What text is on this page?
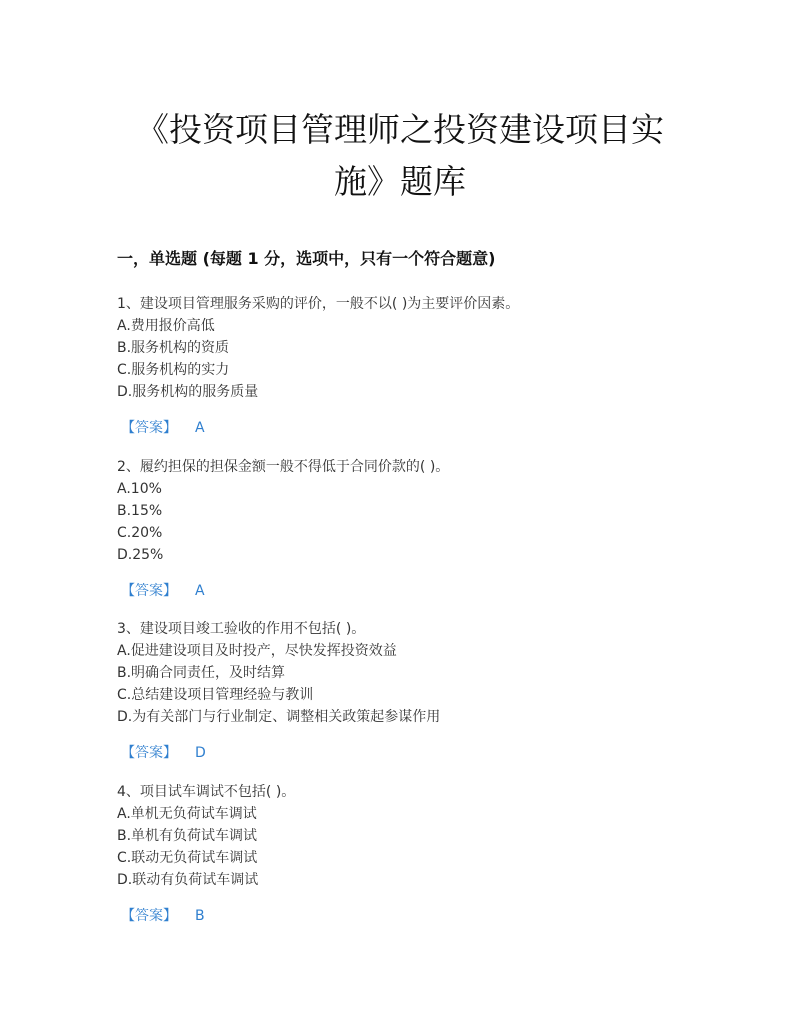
《投资项目管理师之投资建设项目实
施》题库
一，单选题 (每题 1 分，选项中，只有一个符合题意)
1、建设项目管理服务采购的评价，一般不以( )为主要评价因素。
A.费用报价高低
B.服务机构的资质
C.服务机构的实力
D.服务机构的服务质量
【答案】 A
2、履约担保的担保金额一般不得低于合同价款的( )。
A.10%
B.15%
C.20%
D.25%
【答案】 A
3、建设项目竣工验收的作用不包括( )。
A.促进建设项目及时投产，尽快发挥投资效益
B.明确合同责任，及时结算
C.总结建设项目管理经验与教训
D.为有关部门与行业制定、调整相关政策起参谋作用
【答案】 D
4、项目试车调试不包括( )。
A.单机无负荷试车调试
B.单机有负荷试车调试
C.联动无负荷试车调试
D.联动有负荷试车调试
【答案】 B
